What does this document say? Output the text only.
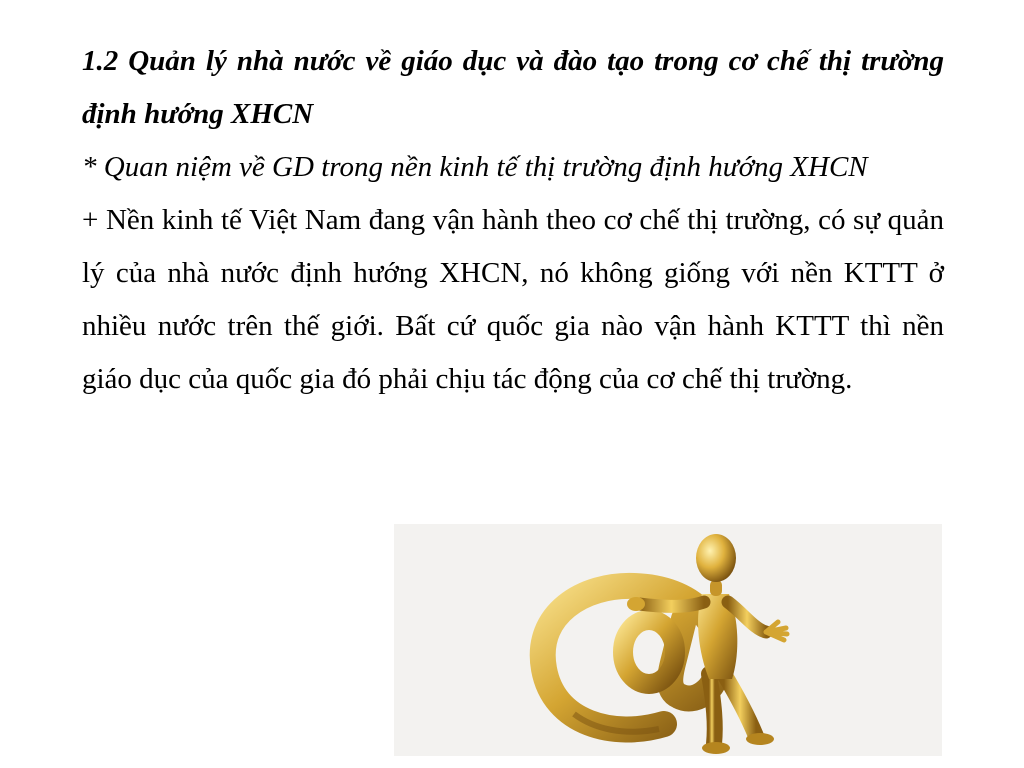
1.2 Quản lý nhà nước về giáo dục và đào tạo trong cơ chế thị trường định hướng XHCN

* Quan niệm về GD trong nền kinh tế thị trường định hướng XHCN

+ Nền kinh tế Việt Nam đang vận hành theo cơ chế thị trường, có sự quản lý của nhà nước định hướng XHCN, nó không giống với nền KTTT ở nhiều nước trên thế giới. Bất cứ quốc gia nào vận hành KTTT thì nền giáo dục của quốc gia đó phải chịu tác động của cơ chế thị trường.
